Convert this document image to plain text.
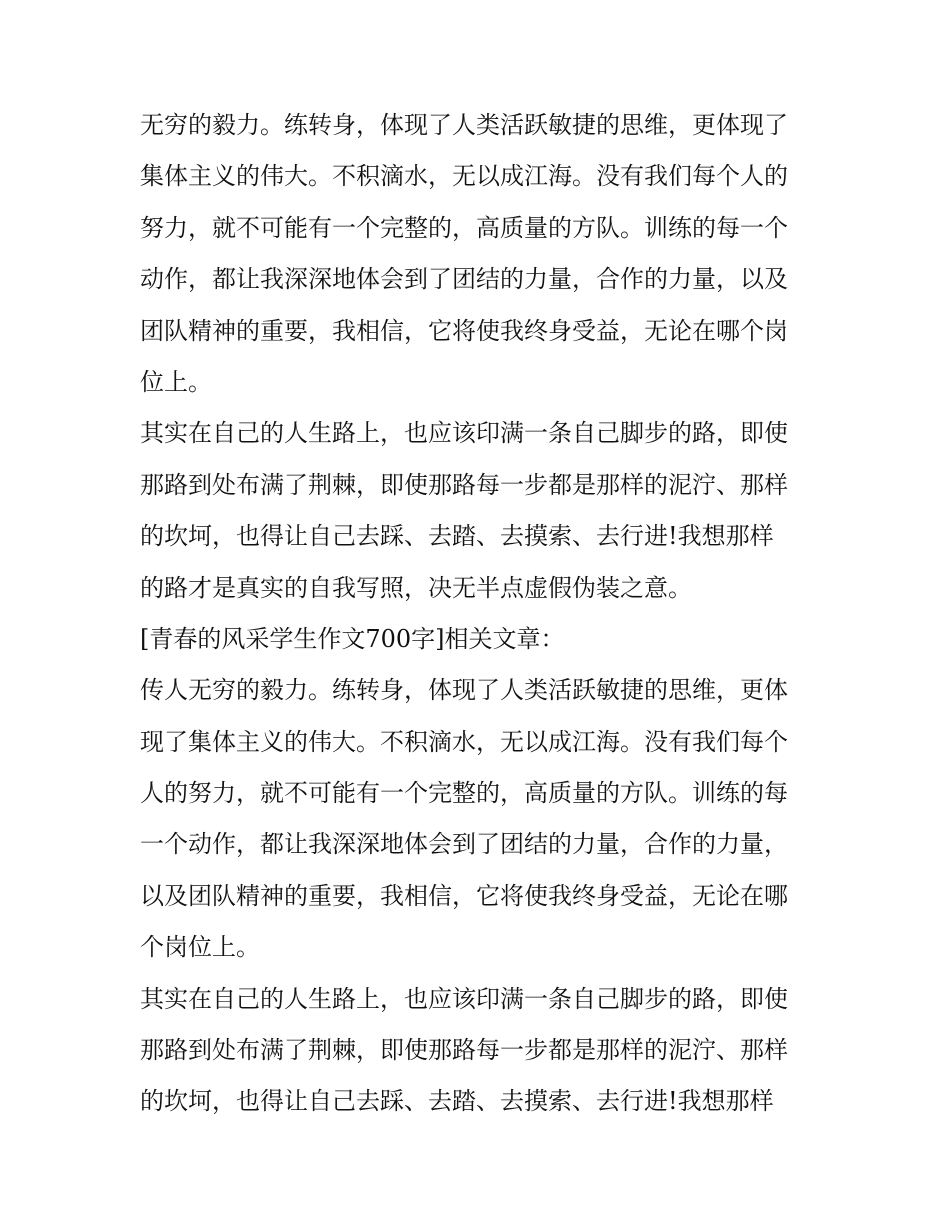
无穷的毅力。练转身，体现了人类活跃敏捷的思维，更体现了
集体主义的伟大。不积滴水，无以成江海。没有我们每个人的
努力，就不可能有一个完整的，高质量的方队。训练的每一个
动作，都让我深深地体会到了团结的力量，合作的力量，以及
团队精神的重要，我相信，它将使我终身受益，无论在哪个岗
位上。
其实在自己的人生路上，也应该印满一条自己脚步的路，即使
那路到处布满了荆棘，即使那路每一步都是那样的泥泞、那样
的坎坷，也得让自己去踩、去踏、去摸索、去行进!我想那样
的路才是真实的自我写照，决无半点虚假伪装之意。
[青春的风采学生作文700字]相关文章：
传人无穷的毅力。练转身，体现了人类活跃敏捷的思维，更体
现了集体主义的伟大。不积滴水，无以成江海。没有我们每个
人的努力，就不可能有一个完整的，高质量的方队。训练的每
一个动作，都让我深深地体会到了团结的力量，合作的力量，
以及团队精神的重要，我相信，它将使我终身受益，无论在哪
个岗位上。
其实在自己的人生路上，也应该印满一条自己脚步的路，即使
那路到处布满了荆棘，即使那路每一步都是那样的泥泞、那样
的坎坷，也得让自己去踩、去踏、去摸索、去行进!我想那样
